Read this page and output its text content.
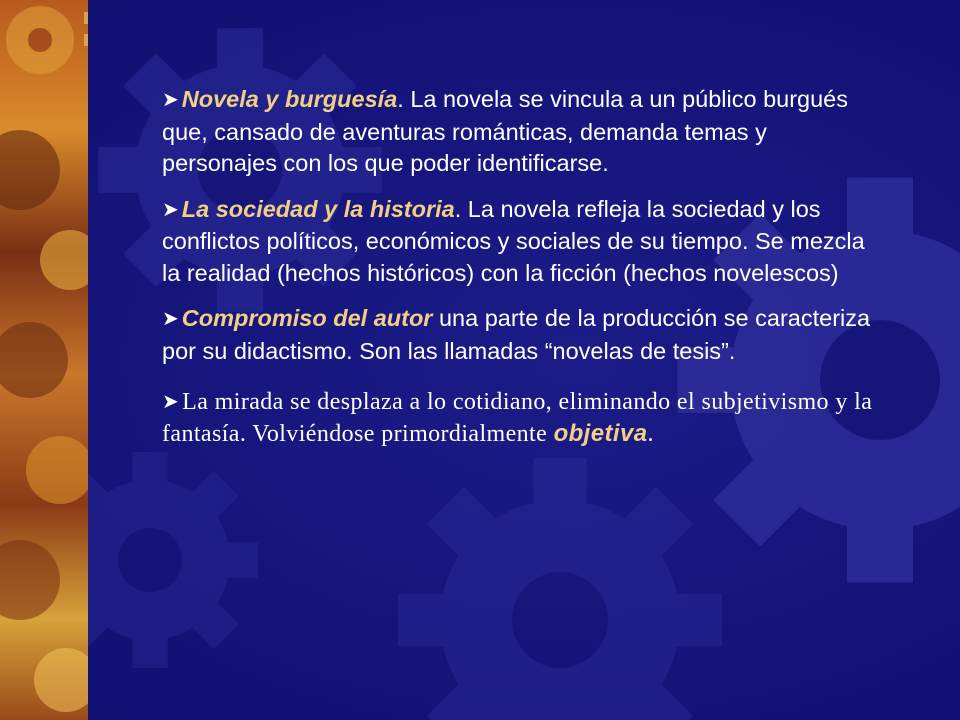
➤ Novela y burguesía. La novela se vincula a un público burgués que, cansado de aventuras románticas, demanda temas y personajes con los que poder identificarse.

➤ La sociedad y la historia. La novela refleja la sociedad y los conflictos políticos, económicos y sociales de su tiempo. Se mezcla la realidad (hechos históricos) con la ficción (hechos novelescos)

➤ Compromiso del autor una parte de la producción se caracteriza por su didactismo. Son las llamadas “novelas de tesis”.

➤ La mirada se desplaza a lo cotidiano, eliminando el subjetivismo y la fantasía. Volviéndose primordialmente objetiva.
